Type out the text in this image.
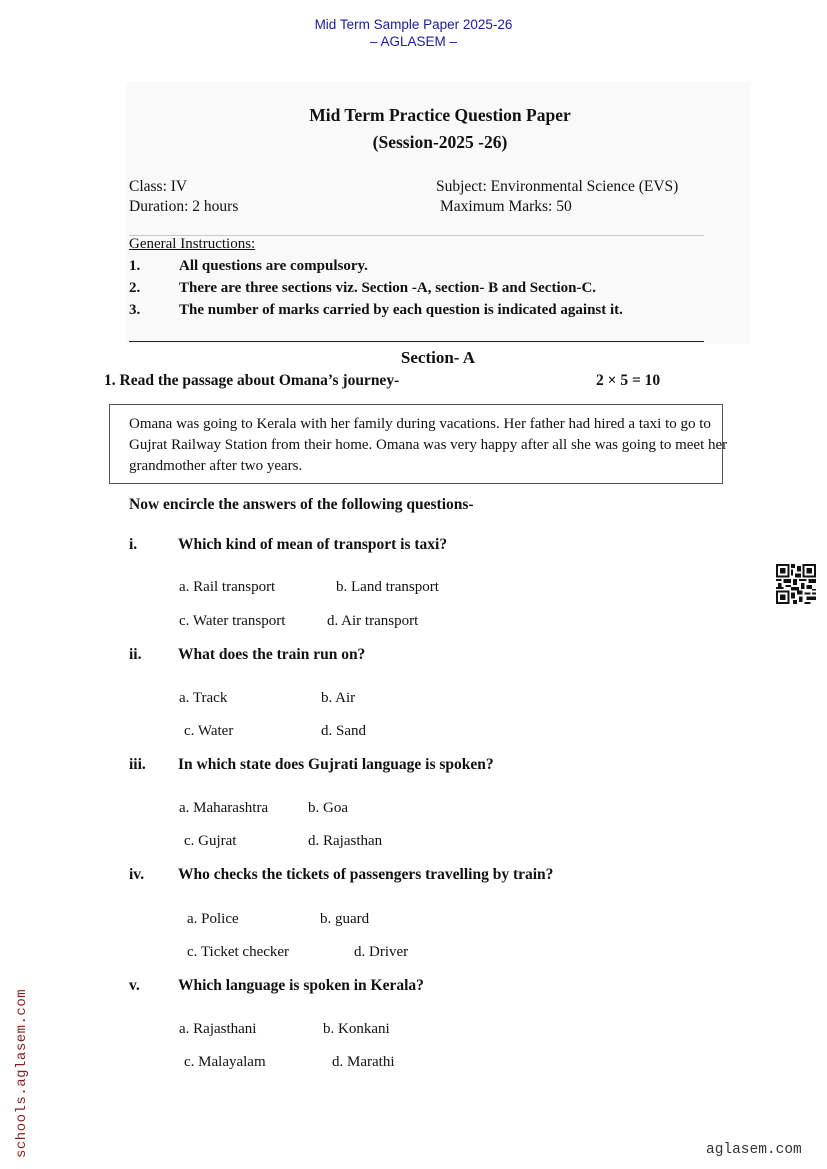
Mid Term Sample Paper 2025-26
– AGLASEM –
Mid Term Practice Question Paper
(Session-2025 -26)
Class: IV	Subject: Environmental Science (EVS)
Duration: 2 hours	Maximum Marks: 50
General Instructions:
1.	All questions are compulsory.
2.	There are three sections viz. Section -A, section- B and Section-C.
3.	The number of marks carried by each question is indicated against it.
Section- A
1. Read the passage about Omana’s journey-	2 × 5 = 10

Omana was going to Kerala with her family during vacations. Her father had hired a taxi to go to Gujrat Railway Station from their home. Omana was very happy after all she was going to meet her grandmother after two years.

Now encircle the answers of the following questions-
i.	Which kind of mean of transport is taxi?
a. Rail transport	b. Land transport
c. Water transport	d. Air transport
ii. What does the train run on?
a. Track	b. Air
c. Water	d. Sand
iii. In which state does Gujrati language is spoken?
a. Maharashtra	b. Goa
c. Gujrat	d. Rajasthan
iv. Who checks the tickets of passengers travelling by train?
a. Police	b. guard
c. Ticket checker	d. Driver
v. Which language is spoken in Kerala?
a. Rajasthani	b. Konkani
c. Malayalam	d. Marathi
schools.aglasem.com	aglasem.com
